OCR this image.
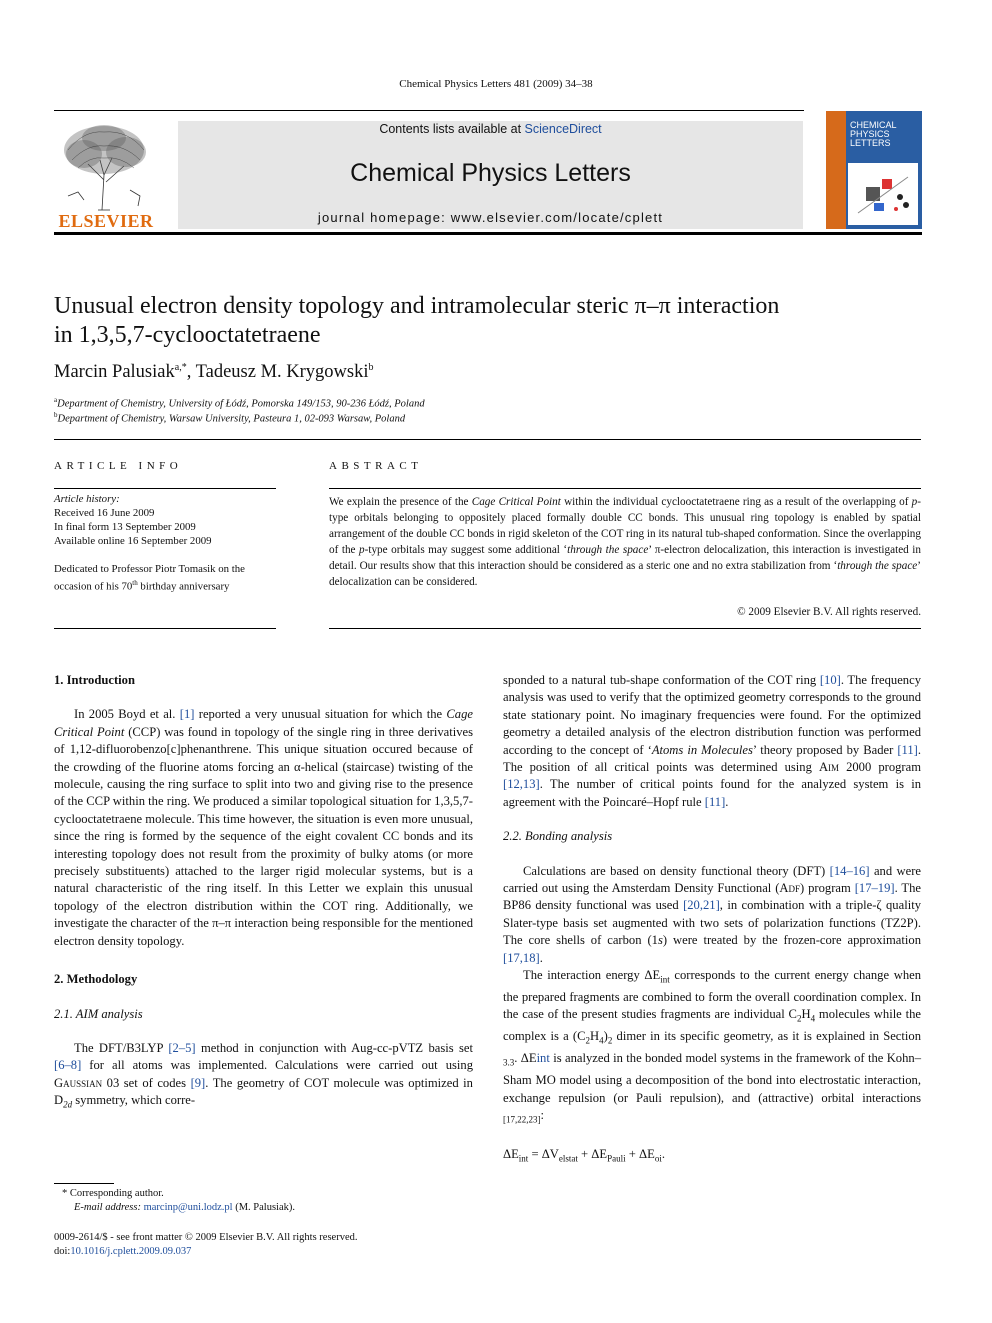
Chemical Physics Letters 481 (2009) 34–38
ELSEVIER
Contents lists available at ScienceDirect
Chemical Physics Letters
journal homepage: www.elsevier.com/locate/cplett
CHEMICAL
PHYSICS
LETTERS
Unusual electron density topology and intramolecular steric π–π interaction
in 1,3,5,7-cyclooctatetraene
Marcin Palusiak$^{a,*}$, Tadeusz M. Krygowski$^b$
$^a$Department of Chemistry, University of Łódź, Pomorska 149/153, 90-236 Łódź, Poland
$^b$Department of Chemistry, Warsaw University, Pasteura 1, 02-093 Warsaw, Poland
ARTICLE INFO
Article history:
Received 16 June 2009
In final form 13 September 2009
Available online 16 September 2009
Dedicated to Professor Piotr Tomasik on the occasion of his 70th birthday anniversary
ABSTRACT
We explain the presence of the Cage Critical Point within the individual cyclooctatetraene ring as a result of the overlapping of p-type orbitals belonging to oppositely placed formally double CC bonds. This unusual ring topology is enabled by spatial arrangement of the double CC bonds in rigid skeleton of the COT ring in its natural tub-shaped conformation. Since the overlapping of the p-type orbitals may suggest some additional ‘through the space’ π-electron delocalization, this interaction is investigated in detail. Our results show that this interaction should be considered as a steric one and no extra stabilization from ‘through the space’ delocalization can be considered.
© 2009 Elsevier B.V. All rights reserved.

1. Introduction

In 2005 Boyd et al. [1] reported a very unusual situation for which the Cage Critical Point (CCP) was found in topology of the single ring in three derivatives of 1,12-difluorobenzo[c]phenanthrene. This unique situation occured because of the crowding of the fluorine atoms forcing an α-helical (staircase) twisting of the molecule, causing the ring surface to split into two and giving rise to the presence of the CCP within the ring. We produced a similar topological situation for 1,3,5,7-cyclooctatetraene molecule. This time however, the situation is even more unusual, since the ring is formed by the sequence of the eight covalent CC bonds and its interesting topology does not result from the proximity of bulky atoms (or more precisely substituents) attached to the larger rigid molecular systems, but is a natural characteristic of the ring itself. In this Letter we explain this unusual topology of the electron distribution within the COT ring. Additionally, we investigate the character of the π–π interaction being responsible for the mentioned electron density topology.

2. Methodology

2.1. AIM analysis

The DFT/B3LYP [2–5] method in conjunction with Aug-cc-pVTZ basis set [6–8] for all atoms was implemented. Calculations were carried out using Gaussian 03 set of codes [9]. The geometry of COT molecule was optimized in $D_{2d}$ symmetry, which corre-

* Corresponding author.
E-mail address: marcinp@uni.lodz.pl (M. Palusiak).
0009-2614/$ - see front matter © 2009 Elsevier B.V. All rights reserved.
doi:10.1016/j.cplett.2009.09.037

sponded to a natural tub-shape conformation of the COT ring [10]. The frequency analysis was used to verify that the optimized geometry corresponds to the ground state stationary point. No imaginary frequencies were found. For the optimized geometry a detailed analysis of the electron distribution function was performed according to the concept of ‘Atoms in Molecules’ theory proposed by Bader [11]. The position of all critical points was determined using Aim 2000 program [12,13]. The number of critical points found for the analyzed system is in agreement with the Poincaré–Hopf rule [11].

2.2. Bonding analysis

Calculations are based on density functional theory (DFT) [14–16] and were carried out using the Amsterdam Density Functional (Adf) program [17–19]. The BP86 density functional was used [20,21], in combination with a triple-ζ quality Slater-type basis set augmented with two sets of polarization functions (TZ2P). The core shells of carbon (1s) were treated by the frozen-core approximation [17,18].

The interaction energy $\Delta E_{int}$ corresponds to the current energy change when the prepared fragments are combined to form the overall coordination complex. In the case of the present studies fragments are individual $C_2H_4$ molecules while the complex is a $(C_2H_4)_2$ dimer in its specific geometry, as it is explained in Section $_{3.3}$. ΔEint is analyzed in the bonded model systems in the framework of the Kohn–Sham MO model using a decomposition of the bond into electrostatic interaction, exchange repulsion (or Pauli repulsion), and (attractive) orbital interactions $_{[17,22,23]}$:

$\Delta E_{int} = \Delta V_{elstat} + \Delta E_{Pauli} + \Delta E_{oi}$.
